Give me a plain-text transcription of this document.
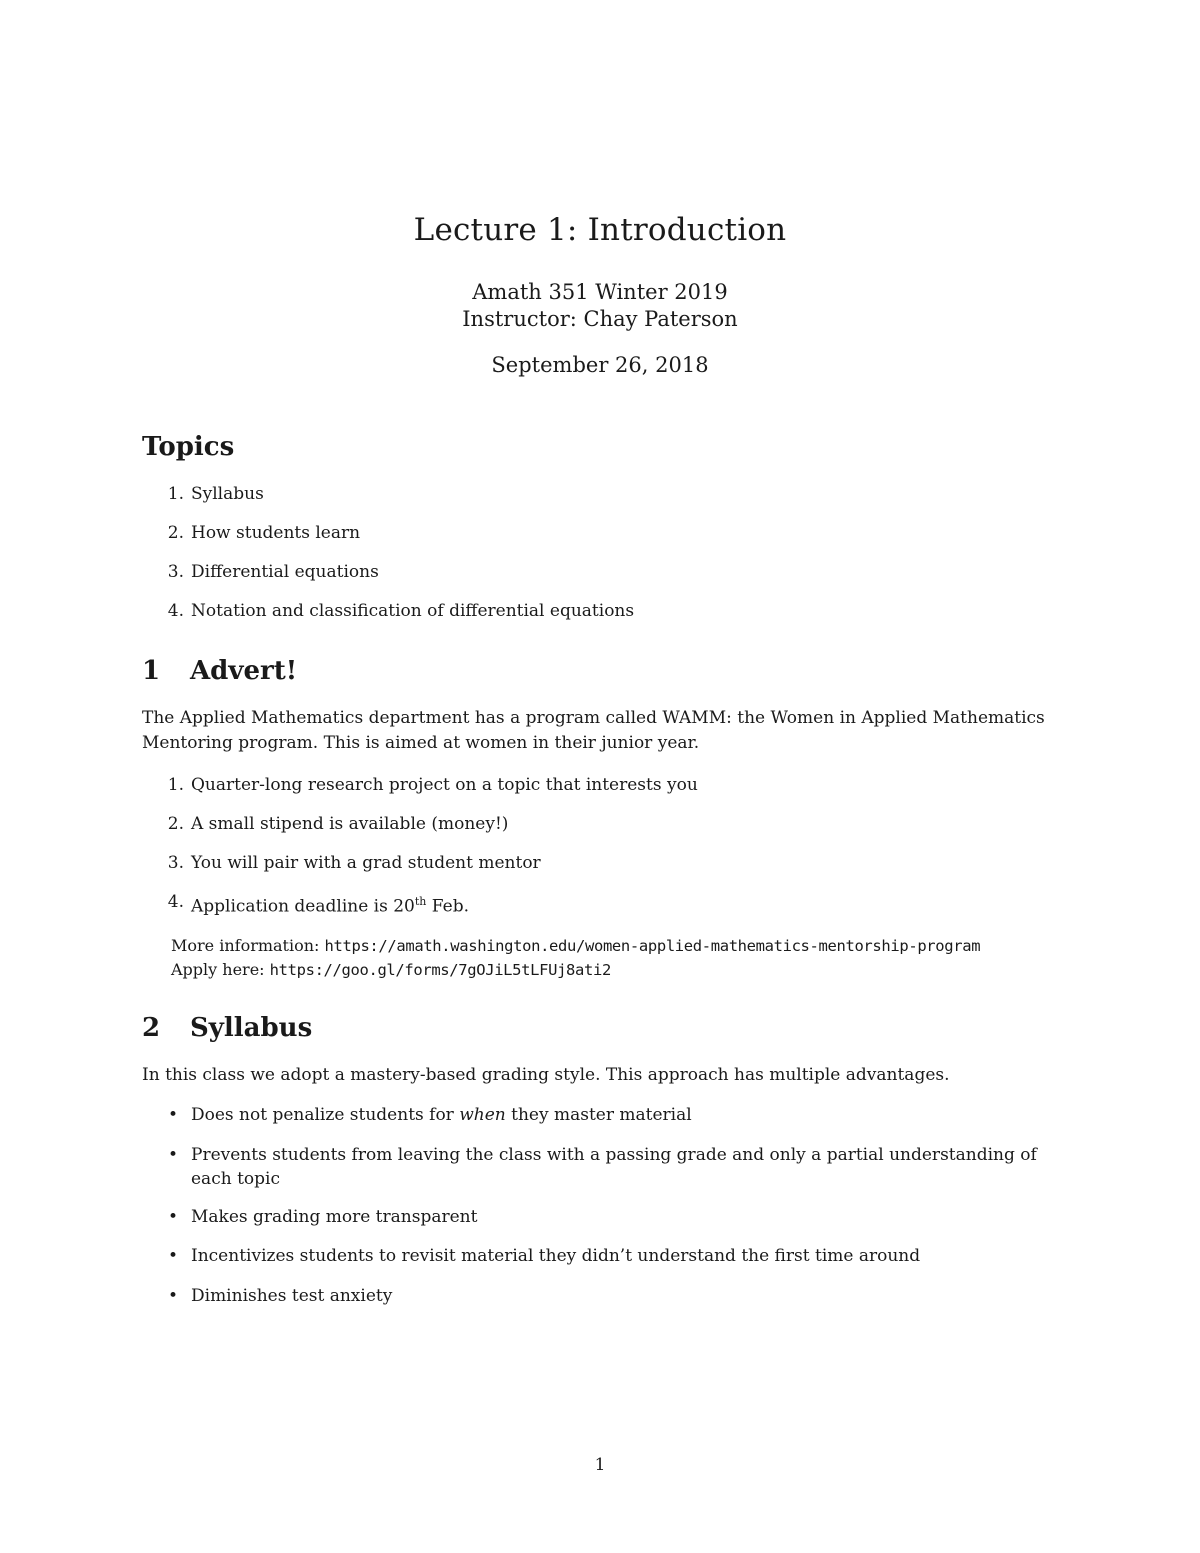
Lecture 1: Introduction
Amath 351 Winter 2019
Instructor: Chay Paterson
September 26, 2018
Topics
1. Syllabus
2. How students learn
3. Differential equations
4. Notation and classification of differential equations
1 Advert!

The Applied Mathematics department has a program called WAMM: the Women in Applied Mathematics Mentoring program. This is aimed at women in their junior year.

1. Quarter-long research project on a topic that interests you
2. A small stipend is available (money!)
3. You will pair with a grad student mentor
4. Application deadline is 20th Feb.
More information: https://amath.washington.edu/women-applied-mathematics-mentorship-program
Apply here: https://goo.gl/forms/7gOJiL5tLFUj8ati2
2 Syllabus

In this class we adopt a mastery-based grading style. This approach has multiple advantages.

• Does not penalize students for when they master material
• Prevents students from leaving the class with a passing grade and only a partial understanding of each topic
• Makes grading more transparent
• Incentivizes students to revisit material they didn’t understand the first time around
• Diminishes test anxiety
1
